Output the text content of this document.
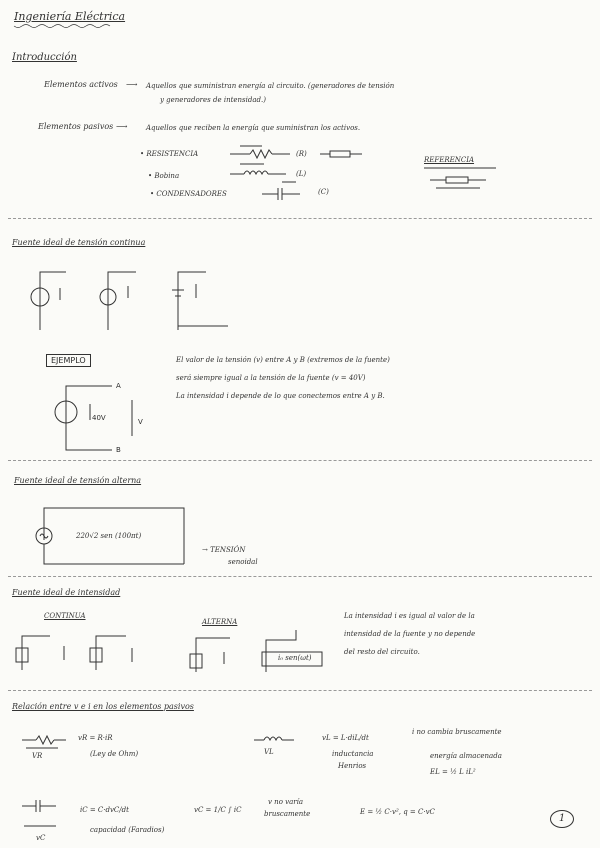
Ingeniería Eléctrica
Introducción
Elementos activos ⟶ Aquellos que suministran energía al circuito. (generadores de tensión
y generadores de intensidad.)
Elementos pasivos ⟶	Aquellos que reciben la energía que suministran los activos.
• RESISTENCIA	(R)
• Bobina	(L)
• CONDENSADORES	(C)
REFERENCIA
Fuente ideal de tensión continua
EJEMPLO	El valor de la tensión (v) entre A y B (extremos de la fuente)
será siempre igual a la tensión de la fuente (v = 40V)
La intensidad i depende de lo que conectemos entre A y B.
A
B
40V	V
Fuente ideal de tensión alterna
220√2 sen (100πt)
→ TENSIÓN
senoidal
Fuente ideal de intensidad
CONTINUA
ALTERNA
i₀ sen(ωt)
La intensidad i es igual al valor de la
intensidad de la fuente y no depende
del resto del circuito.
Relación entre v e i en los elementos pasivos
vR = R·iR
(Ley de Ohm)
VR	VL
vL = L·diL/dt
inductancia
Henrios
i no cambia bruscamente
energía almacenada
EL = ½ L iL²
iC = C·dvC/dt	vC = 1/C ∫ iC
v no varía
bruscamente	E = ½ C·v², q = C·vC
vC
capacidad (Faradios)
1
